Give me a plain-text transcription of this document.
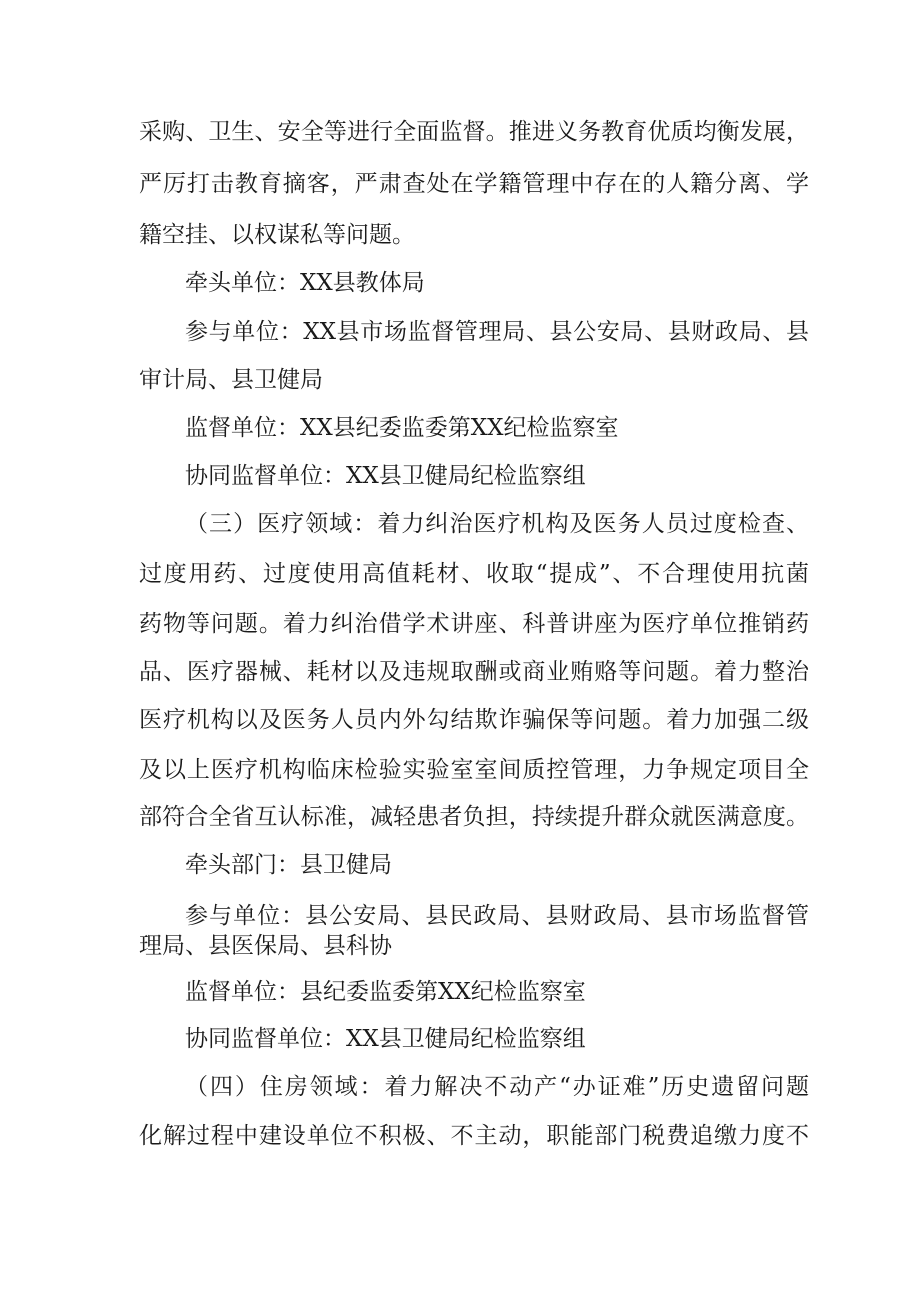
采购、卫生、安全等进行全面监督。推进义务教育优质均衡发展，
严厉打击教育摘客，严肃查处在学籍管理中存在的人籍分离、学
籍空挂、以权谋私等问题。
牵头单位：XX县教体局
参与单位：XX县市场监督管理局、县公安局、县财政局、县
审计局、县卫健局
监督单位：XX县纪委监委第XX纪检监察室
协同监督单位：XX县卫健局纪检监察组
（三）医疗领域：着力纠治医疗机构及医务人员过度检查、
过度用药、过度使用高值耗材、收取“提成”、不合理使用抗菌
药物等问题。着力纠治借学术讲座、科普讲座为医疗单位推销药
品、医疗器械、耗材以及违规取酬或商业贿赂等问题。着力整治
医疗机构以及医务人员内外勾结欺诈骗保等问题。着力加强二级
及以上医疗机构临床检验实验室室间质控管理，力争规定项目全
部符合全省互认标准，减轻患者负担，持续提升群众就医满意度。
牵头部门：县卫健局
参与单位：县公安局、县民政局、县财政局、县市场监督管
理局、县医保局、县科协
监督单位：县纪委监委第XX纪检监察室
协同监督单位：XX县卫健局纪检监察组
（四）住房领域：着力解决不动产“办证难”历史遗留问题
化解过程中建设单位不积极、不主动，职能部门税费追缴力度不
